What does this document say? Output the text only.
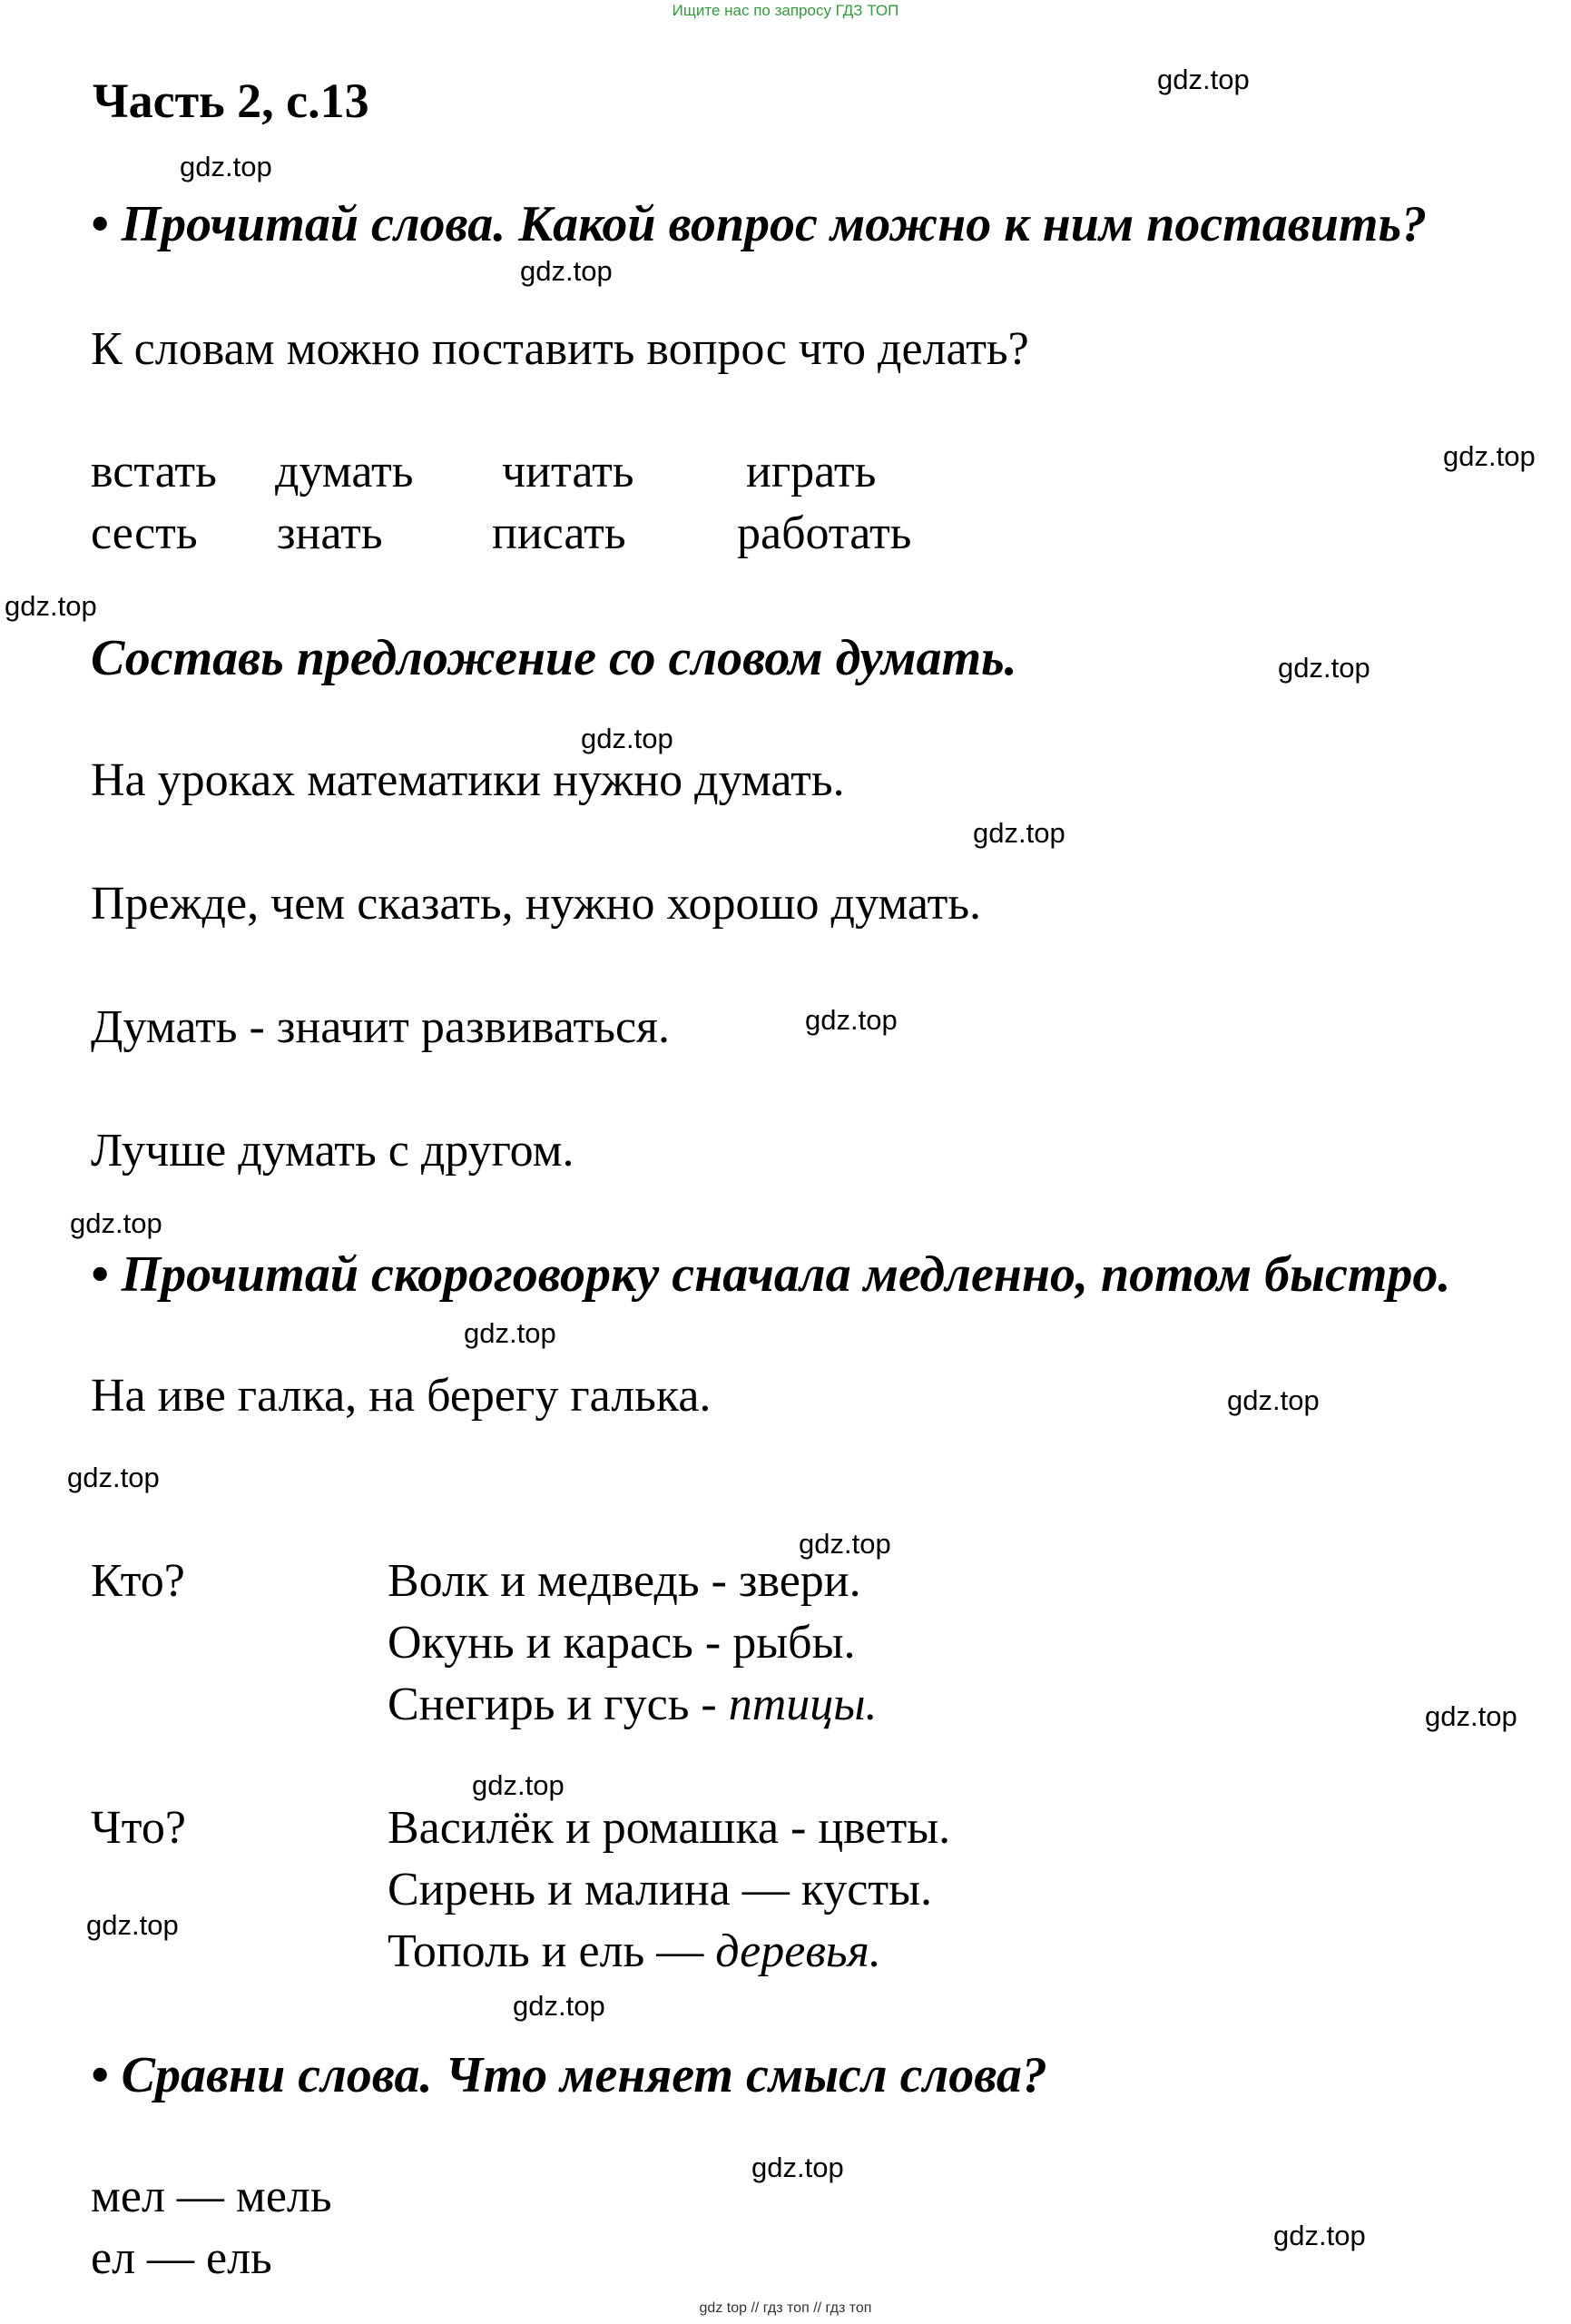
Ищите нас по запросу ГДЗ ТОП
Часть 2, с.13
• Прочитай слова. Какой вопрос можно к ним поставить?
К словам можно поставить вопрос что делать?
встать думать читать играть
сесть знать писать работать
Составь предложение со словом думать.
На уроках математики нужно думать.
Прежде, чем сказать, нужно хорошо думать.
Думать - значит развиваться.
Лучше думать с другом.
• Прочитай скороговорку сначала медленно, потом быстро.
На иве галка, на берегу галька.
Кто?	Волк и медведь - звери.
Окунь и карась - рыбы.
Снегирь и гусь - птицы.
Что?	Василёк и ромашка - цветы.
Сирень и малина — кусты.
Тополь и ель — деревья.
• Сравни слова. Что меняет смысл слова?
мел — мель
ел — ель
gdz.top
gdz.top
gdz.top
gdz.top
gdz.top
gdz.top
gdz.top
gdz.top
gdz.top
gdz.top
gdz.top
gdz.top
gdz.top
gdz.top
gdz.top
gdz.top
gdz.top
gdz.top
gdz.top
gdz.top
gdz top // гдз топ // гдз топ
